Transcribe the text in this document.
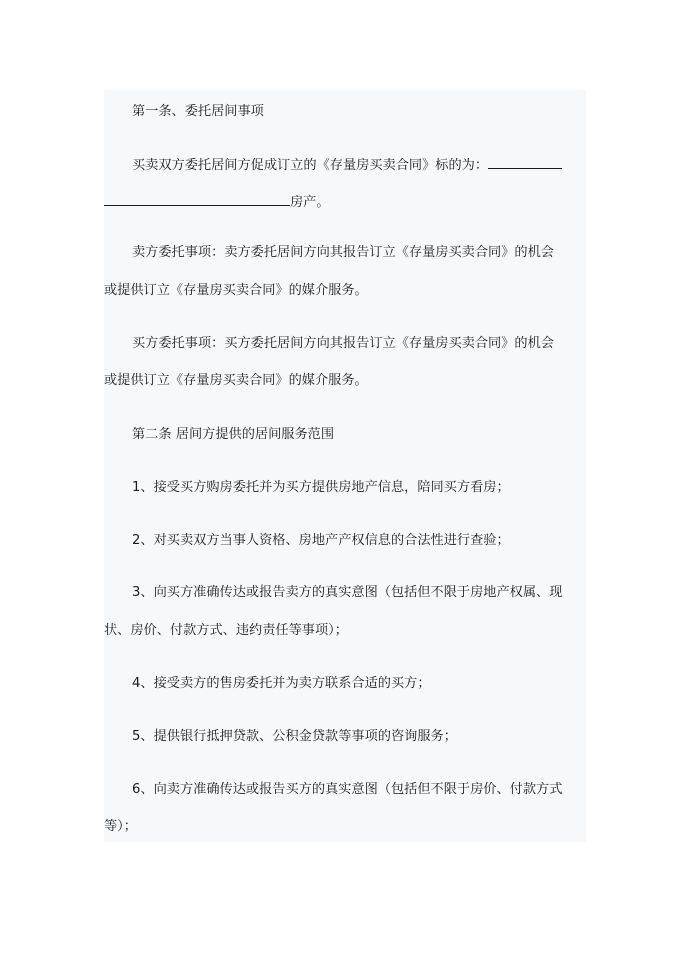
第一条、委托居间事项
买卖双方委托居间方促成订立的《存量房买卖合同》标的为：
房产。
卖方委托事项：卖方委托居间方向其报告订立《存量房买卖合同》的机会
或提供订立《存量房买卖合同》的媒介服务。
买方委托事项：买方委托居间方向其报告订立《存量房买卖合同》的机会
或提供订立《存量房买卖合同》的媒介服务。
第二条 居间方提供的居间服务范围
1、接受买方购房委托并为买方提供房地产信息，陪同买方看房；
2、对买卖双方当事人资格、房地产产权信息的合法性进行查验；
3、向买方准确传达或报告卖方的真实意图（包括但不限于房地产权属、现
状、房价、付款方式、违约责任等事项）；
4、接受卖方的售房委托并为卖方联系合适的买方；
5、提供银行抵押贷款、公积金贷款等事项的咨询服务；
6、向卖方准确传达或报告买方的真实意图（包括但不限于房价、付款方式
等）；
